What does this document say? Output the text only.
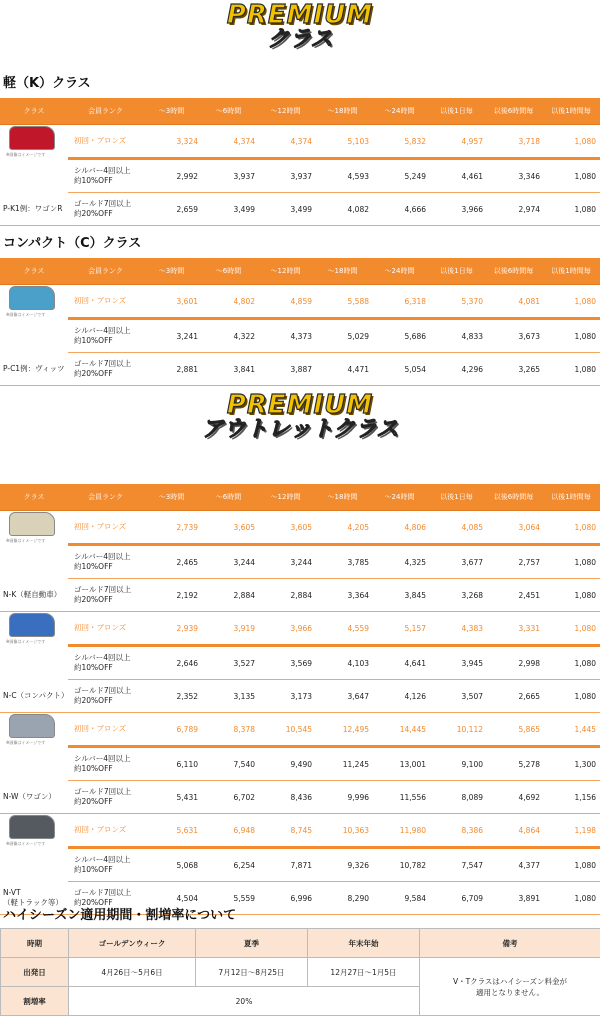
PREMIUM
クラス
軽（K）クラス
クラス	会員ランク	〜3時間	〜6時間	〜12時間	〜18時間	〜24時間	以後1日毎	以後6時間毎	以後1時間毎

※画像はイメージです	初回・ブロンズ	3,324	4,374	4,374	5,103	5,832	4,957	3,718	1,080
	シルバー4回以上
約10%OFF	2,992	3,937	3,937	4,593	5,249	4,461	3,346	1,080
P-K1例：ワゴンR	ゴールド7回以上
約20%OFF	2,659	3,499	3,499	4,082	4,666	3,966	2,974	1,080
コンパクト（C）クラス
クラス	会員ランク	〜3時間	〜6時間	〜12時間	〜18時間	〜24時間	以後1日毎	以後6時間毎	以後1時間毎

※画像はイメージです	初回・ブロンズ	3,601	4,802	4,859	5,588	6,318	5,370	4,081	1,080
	シルバー4回以上
約10%OFF	3,241	4,322	4,373	5,029	5,686	4,833	3,673	1,080
P-C1例：ヴィッツ	ゴールド7回以上
約20%OFF	2,881	3,841	3,887	4,471	5,054	4,296	3,265	1,080
PREMIUM
アウトレットクラス
クラス	会員ランク	〜3時間	〜6時間	〜12時間	〜18時間	〜24時間	以後1日毎	以後6時間毎	以後1時間毎

※画像はイメージです	初回・ブロンズ	2,739	3,605	3,605	4,205	4,806	4,085	3,064	1,080
	シルバー4回以上
約10%OFF	2,465	3,244	3,244	3,785	4,325	3,677	2,757	1,080
N-K（軽自動車）	ゴールド7回以上
約20%OFF	2,192	2,884	2,884	3,364	3,845	3,268	2,451	1,080

※画像はイメージです	初回・ブロンズ	2,939	3,919	3,966	4,559	5,157	4,383	3,331	1,080
	シルバー4回以上
約10%OFF	2,646	3,527	3,569	4,103	4,641	3,945	2,998	1,080
N-C（コンパクト）	ゴールド7回以上
約20%OFF	2,352	3,135	3,173	3,647	4,126	3,507	2,665	1,080

※画像はイメージです	初回・ブロンズ	6,789	8,378	10,545	12,495	14,445	10,112	5,865	1,445
	シルバー4回以上
約10%OFF	6,110	7,540	9,490	11,245	13,001	9,100	5,278	1,300
N-W（ワゴン）	ゴールド7回以上
約20%OFF	5,431	6,702	8,436	9,996	11,556	8,089	4,692	1,156

※画像はイメージです	初回・ブロンズ	5,631	6,948	8,745	10,363	11,980	8,386	4,864	1,198
	シルバー4回以上
約10%OFF	5,068	6,254	7,871	9,326	10,782	7,547	4,377	1,080
N-VT
（軽トラック等）	ゴールド7回以上
約20%OFF	4,504	5,559	6,996	8,290	9,584	6,709	3,891	1,080
ハイシーズン適用期間・割増率について
時期	ゴールデンウィーク	夏季	年末年始	備考
出発日	4月26日〜5月6日	7月12日〜8月25日	12月27日〜1月5日	V・Tクラスはハイシーズン料金が
適用となりません。
割増率	20%			
